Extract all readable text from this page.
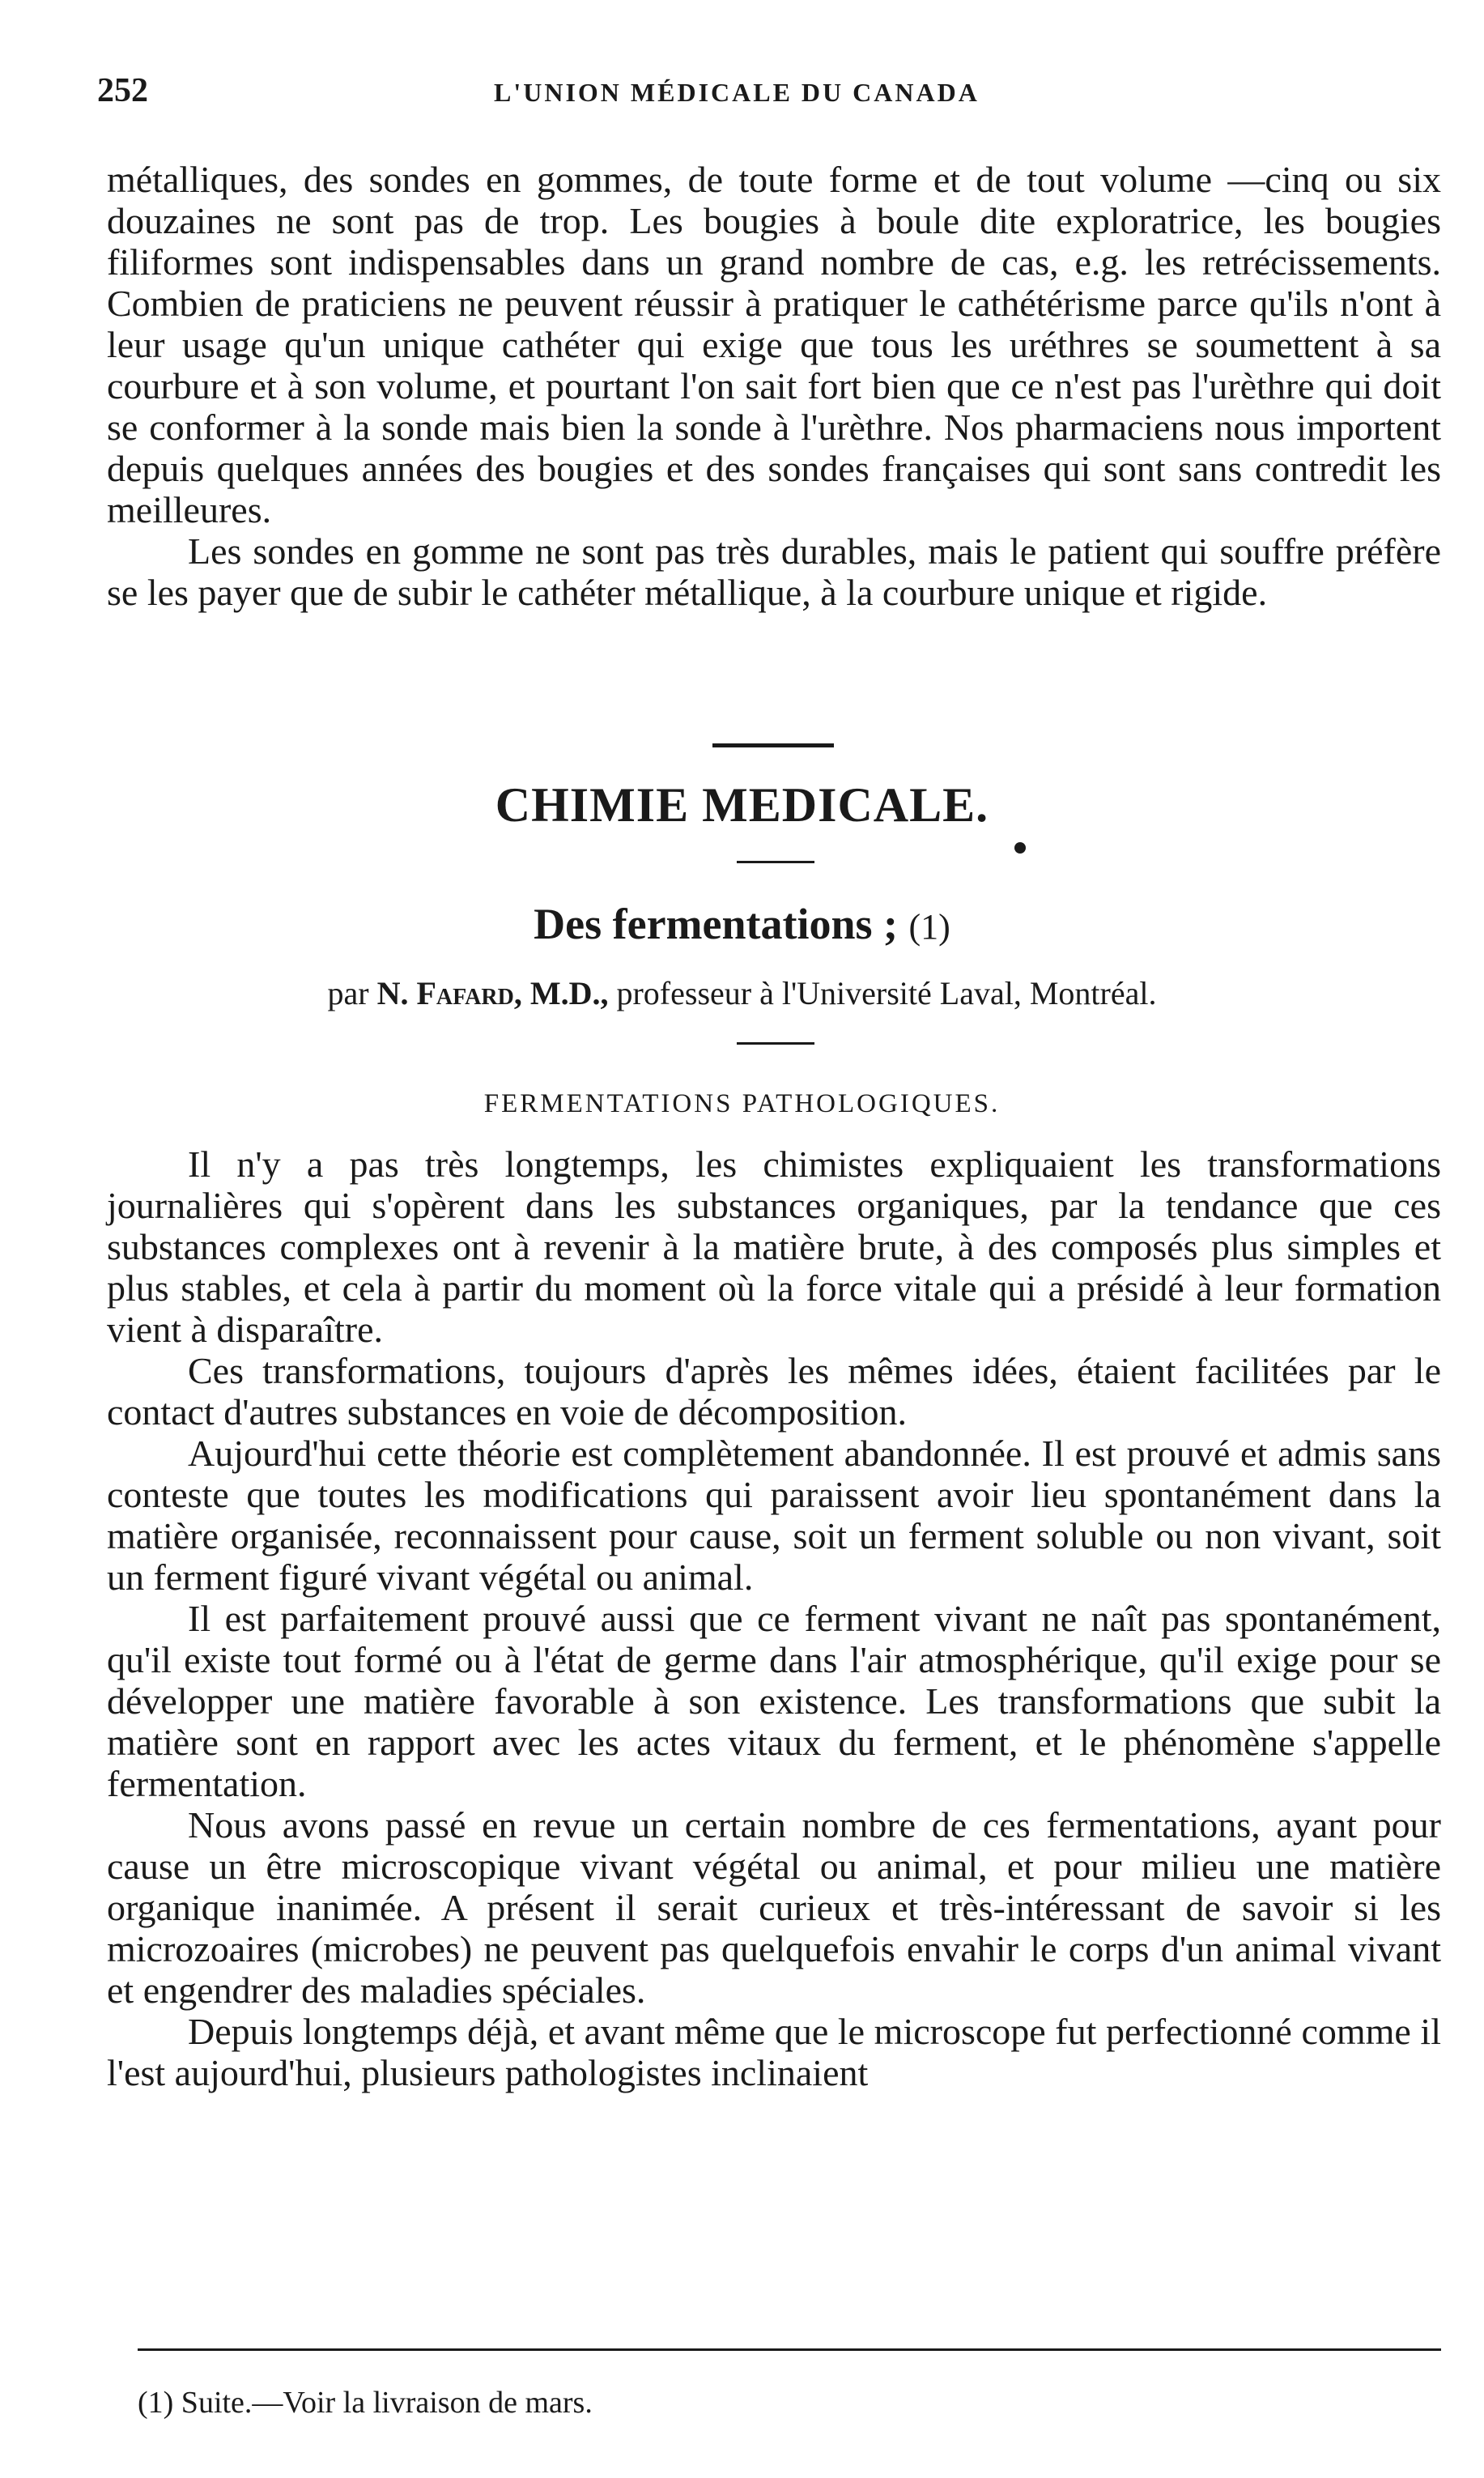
252	L'UNION MÉDICALE DU CANADA

métalliques, des sondes en gommes, de toute forme et de tout volume —cinq ou six douzaines ne sont pas de trop. Les bougies à boule dite exploratrice, les bougies filiformes sont indispensables dans un grand nombre de cas, e.g. les retrécissements. Combien de praticiens ne peuvent réussir à pratiquer le cathétérisme parce qu'ils n'ont à leur usage qu'un unique cathéter qui exige que tous les uréthres se soumettent à sa courbure et à son volume, et pourtant l'on sait fort bien que ce n'est pas l'urèthre qui doit se conformer à la sonde mais bien la sonde à l'urèthre. Nos pharmaciens nous importent depuis quelques années des bougies et des sondes françaises qui sont sans contredit les meilleures.

Les sondes en gomme ne sont pas très durables, mais le patient qui souffre préfère se les payer que de subir le cathéter métallique, à la courbure unique et rigide.

CHIMIE MEDICALE.
Des fermentations ; (1)
par N. Fafard, M.D., professeur à l'Université Laval, Montréal.
FERMENTATIONS PATHOLOGIQUES.

Il n'y a pas très longtemps, les chimistes expliquaient les transformations journalières qui s'opèrent dans les substances organiques, par la tendance que ces substances complexes ont à revenir à la matière brute, à des composés plus simples et plus stables, et cela à partir du moment où la force vitale qui a présidé à leur formation vient à disparaître.

Ces transformations, toujours d'après les mêmes idées, étaient facilitées par le contact d'autres substances en voie de décomposition.

Aujourd'hui cette théorie est complètement abandonnée. Il est prouvé et admis sans conteste que toutes les modifications qui paraissent avoir lieu spontanément dans la matière organisée, reconnaissent pour cause, soit un ferment soluble ou non vivant, soit un ferment figuré vivant végétal ou animal.

Il est parfaitement prouvé aussi que ce ferment vivant ne naît pas spontanément, qu'il existe tout formé ou à l'état de germe dans l'air atmosphérique, qu'il exige pour se développer une matière favorable à son existence. Les transformations que subit la matière sont en rapport avec les actes vitaux du ferment, et le phénomène s'appelle fermentation.

Nous avons passé en revue un certain nombre de ces fermentations, ayant pour cause un être microscopique vivant végétal ou animal, et pour milieu une matière organique inanimée. A présent il serait curieux et très-intéressant de savoir si les microzoaires (microbes) ne peuvent pas quelquefois envahir le corps d'un animal vivant et engendrer des maladies spéciales.

Depuis longtemps déjà, et avant même que le microscope fut perfectionné comme il l'est aujourd'hui, plusieurs pathologistes inclinaient

(1) Suite.—Voir la livraison de mars.
